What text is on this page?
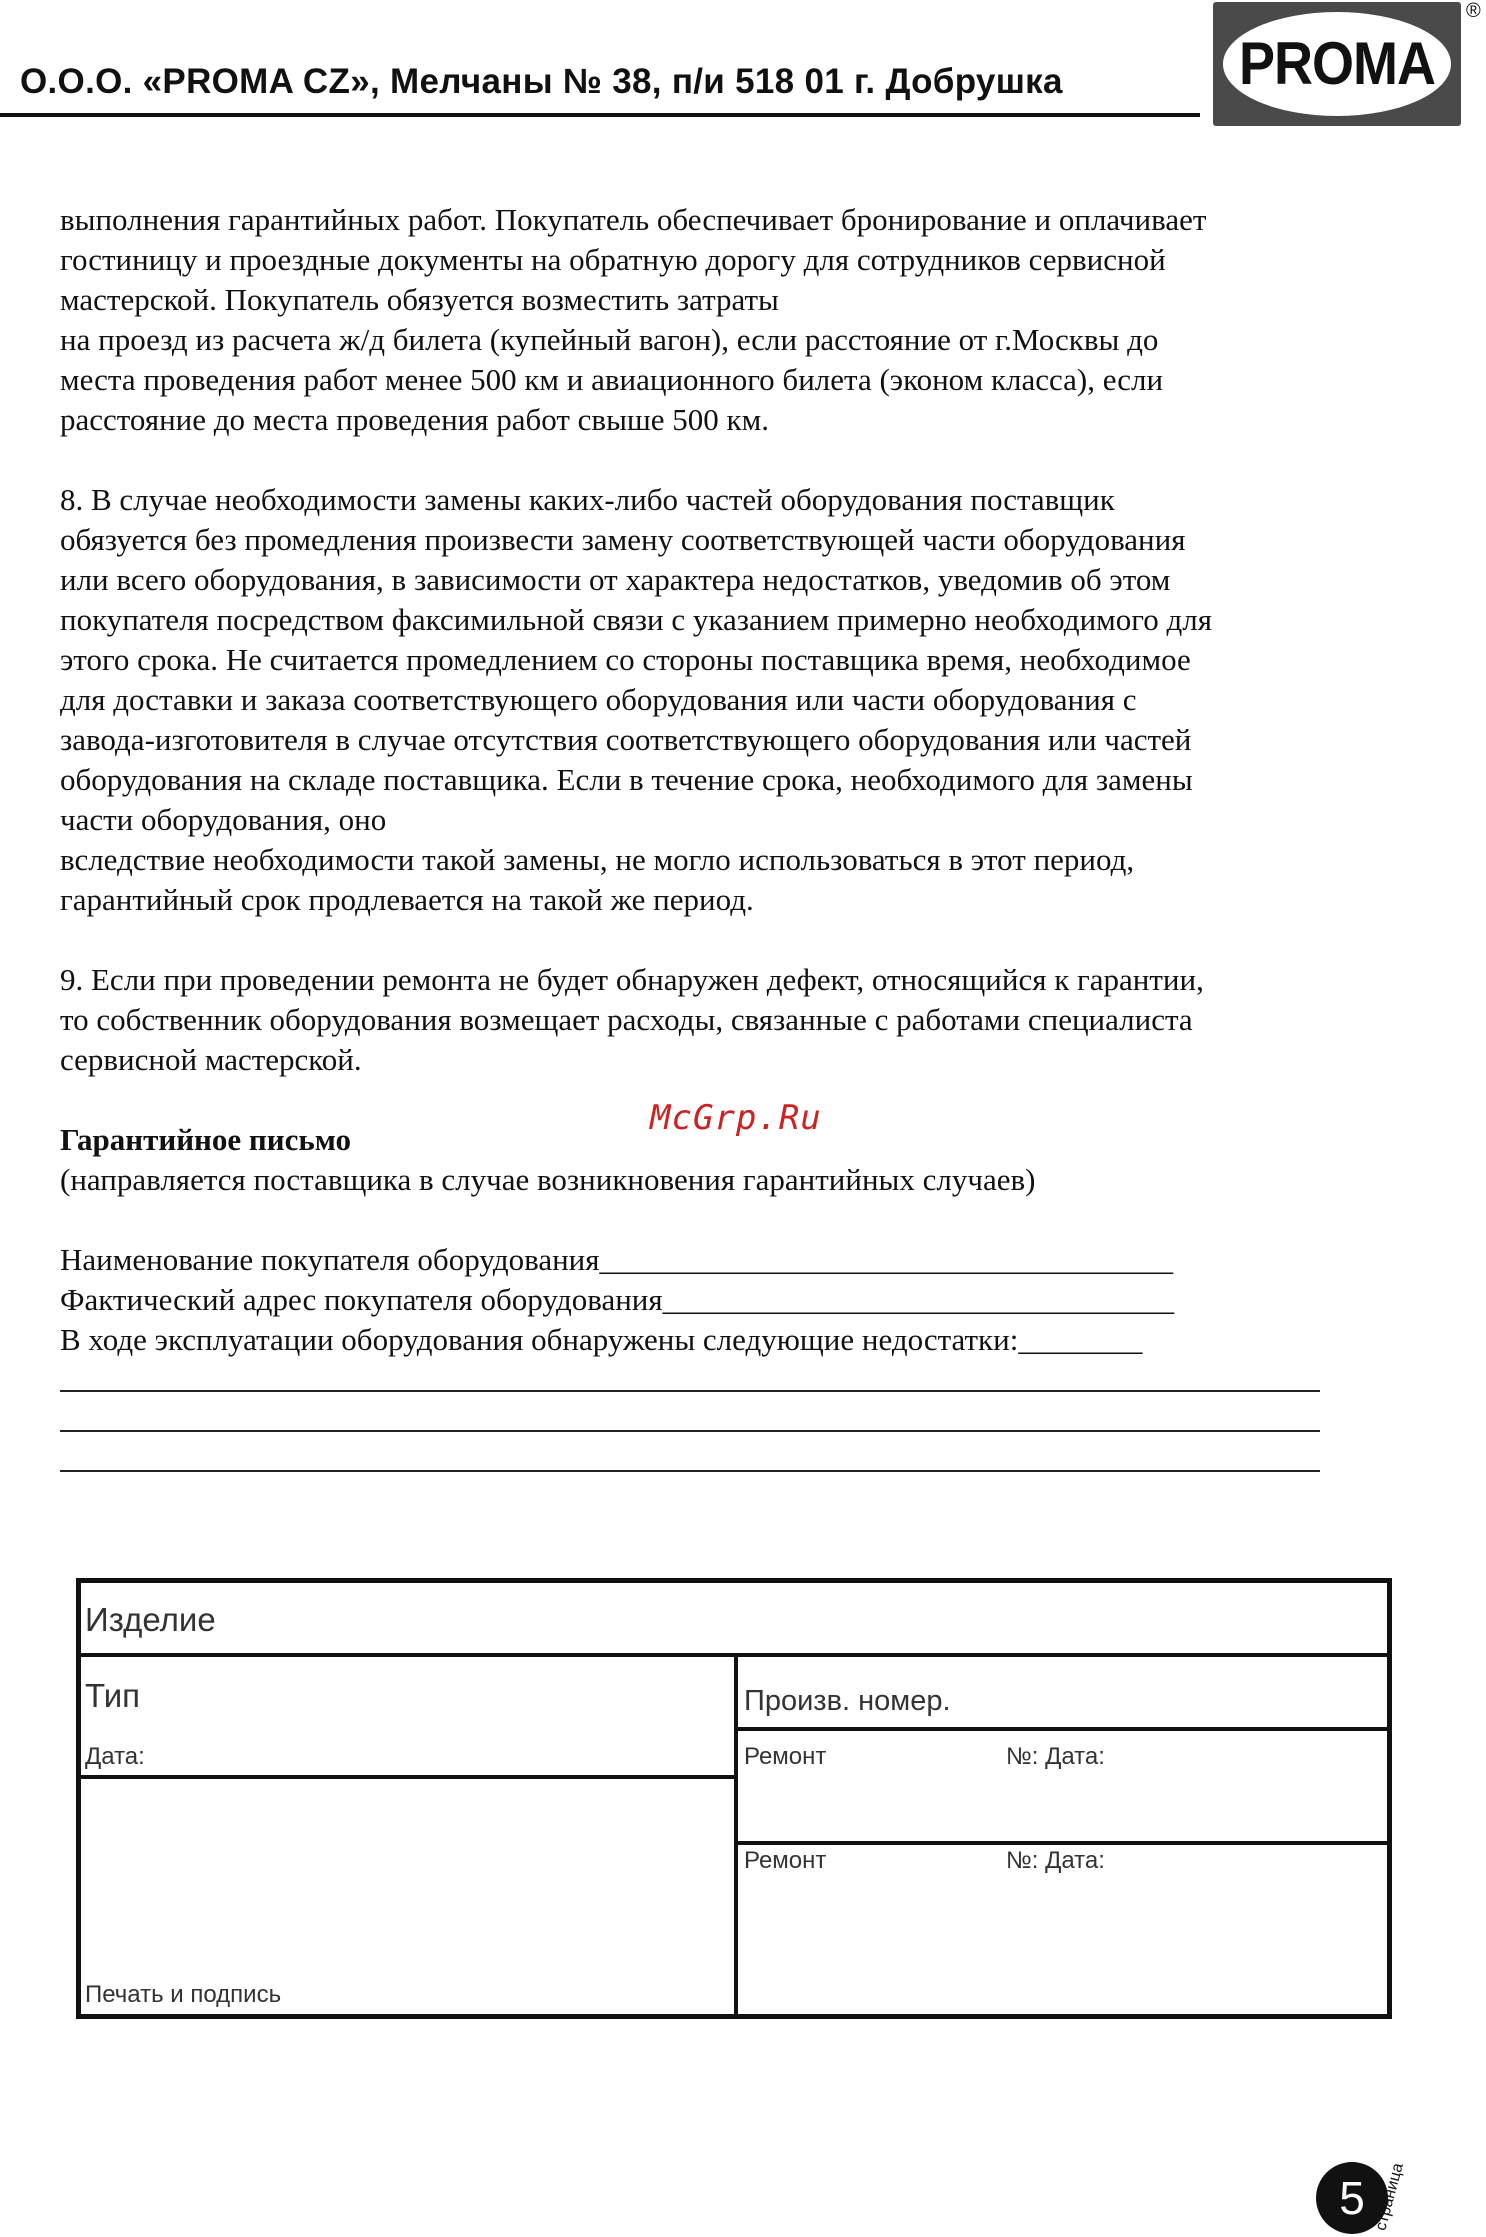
О.О.О. «PROMA CZ», Мелчаны № 38, п/и 518 01 г. Добрушка	PROMA
®

выполнения гарантийных работ. Покупатель обеспечивает бронирование и оплачивает

гостиницу и проездные документы на обратную дорогу для сотрудников сервисной

мастерской. Покупатель обязуется возместить затраты

на проезд из расчета ж/д билета (купейный вагон), если расстояние от г.Москвы до

места проведения работ менее 500 км и авиационного билета (эконом класса), если

расстояние до места проведения работ свыше 500 км.

8. В случае необходимости замены каких-либо частей оборудования поставщик

обязуется без промедления произвести замену соответствующей части оборудования

или всего оборудования, в зависимости от характера недостатков, уведомив об этом

покупателя посредством факсимильной связи с указанием примерно необходимого для

этого срока. Не считается промедлением со стороны поставщика время, необходимое

для доставки и заказа соответствующего оборудования или части оборудования с

завода-изготовителя в случае отсутствия соответствующего оборудования или частей

оборудования на складе поставщика. Если в течение срока, необходимого для замены

части оборудования, оно

вследствие необходимости такой замены, не могло использоваться в этот период,

гарантийный срок продлевается на такой же период.

9. Если при проведении ремонта не будет обнаружен дефект, относящийся к гарантии,

то собственник оборудования возмещает расходы, связанные с работами специалиста

сервисной мастерской.

Гарантийное письмо

(направляется поставщика в случае возникновения гарантийных случаев)

Наименование покупателя оборудования_____________________________________

Фактический адрес покупателя оборудования_________________________________

В ходе эксплуатации оборудования обнаружены следующие недостатки:________

McGrp.Ru
Изделие
Тип	Произв. номер.
Дата:	Ремонт	№: Дата:
Ремонт	№: Дата:
Печать и подпись
5 страница
